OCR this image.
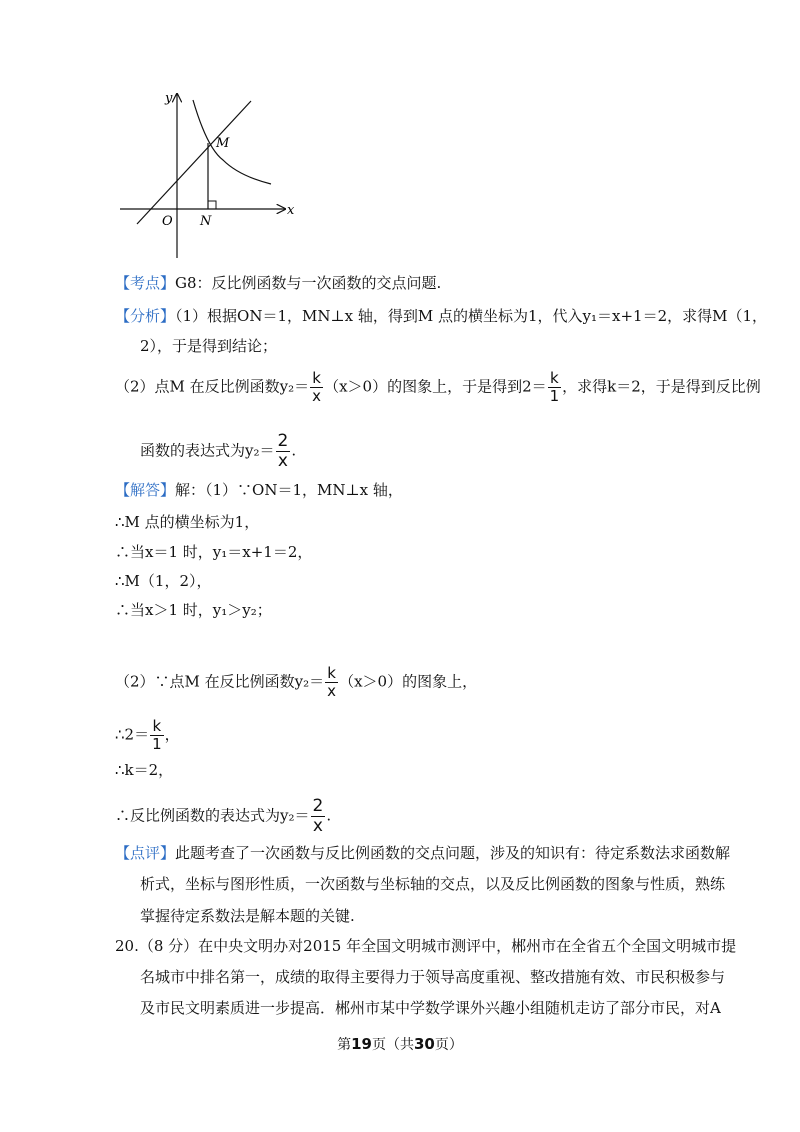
y
x
O N
M
【考点】G8：反比例函数与一次函数的交点问题.
【分析】（1）根据ON＝1，MN⊥x 轴，得到M 点的横坐标为1，代入y₁＝x+1＝2，求得M（1，
2），于是得到结论；
（2）点M 在反比例函数$y_2= \frac{k}{x} (x>0)$的图象上，于是得到$2= \frac{k}{1}$ ，求得k＝2，于是得到反比例
函数的表达式为$y_2= \frac{2}{x}$ .
【解答】解：（1）∵ON＝1，MN⊥x 轴，
∴M 点的横坐标为1，
∴当x＝1 时，y₁＝x+1＝2，
∴M（1，2），
∴当x＞1 时，y₁＞y₂；
（2）∵点M 在反比例函数$y_2= \frac{k}{x} (x>0)$的图象上，
∴2＝ $\frac{k}{1}$ ，
∴k＝2，
∴反比例函数的表达式为$y_2= \frac{2}{x}$ .
【点评】此题考查了一次函数与反比例函数的交点问题，涉及的知识有：待定系数法求函数解
析式，坐标与图形性质，一次函数与坐标轴的交点，以及反比例函数的图象与性质，熟练
掌握待定系数法是解本题的关键.
20.（8 分）在中央文明办对2015 年全国文明城市测评中，郴州市在全省五个全国文明城市提
名城市中排名第一，成绩的取得主要得力于领导高度重视、整改措施有效、市民积极参与
及市民文明素质进一步提高．郴州市某中学数学课外兴趣小组随机走访了部分市民，对A
第19页（共30页）
